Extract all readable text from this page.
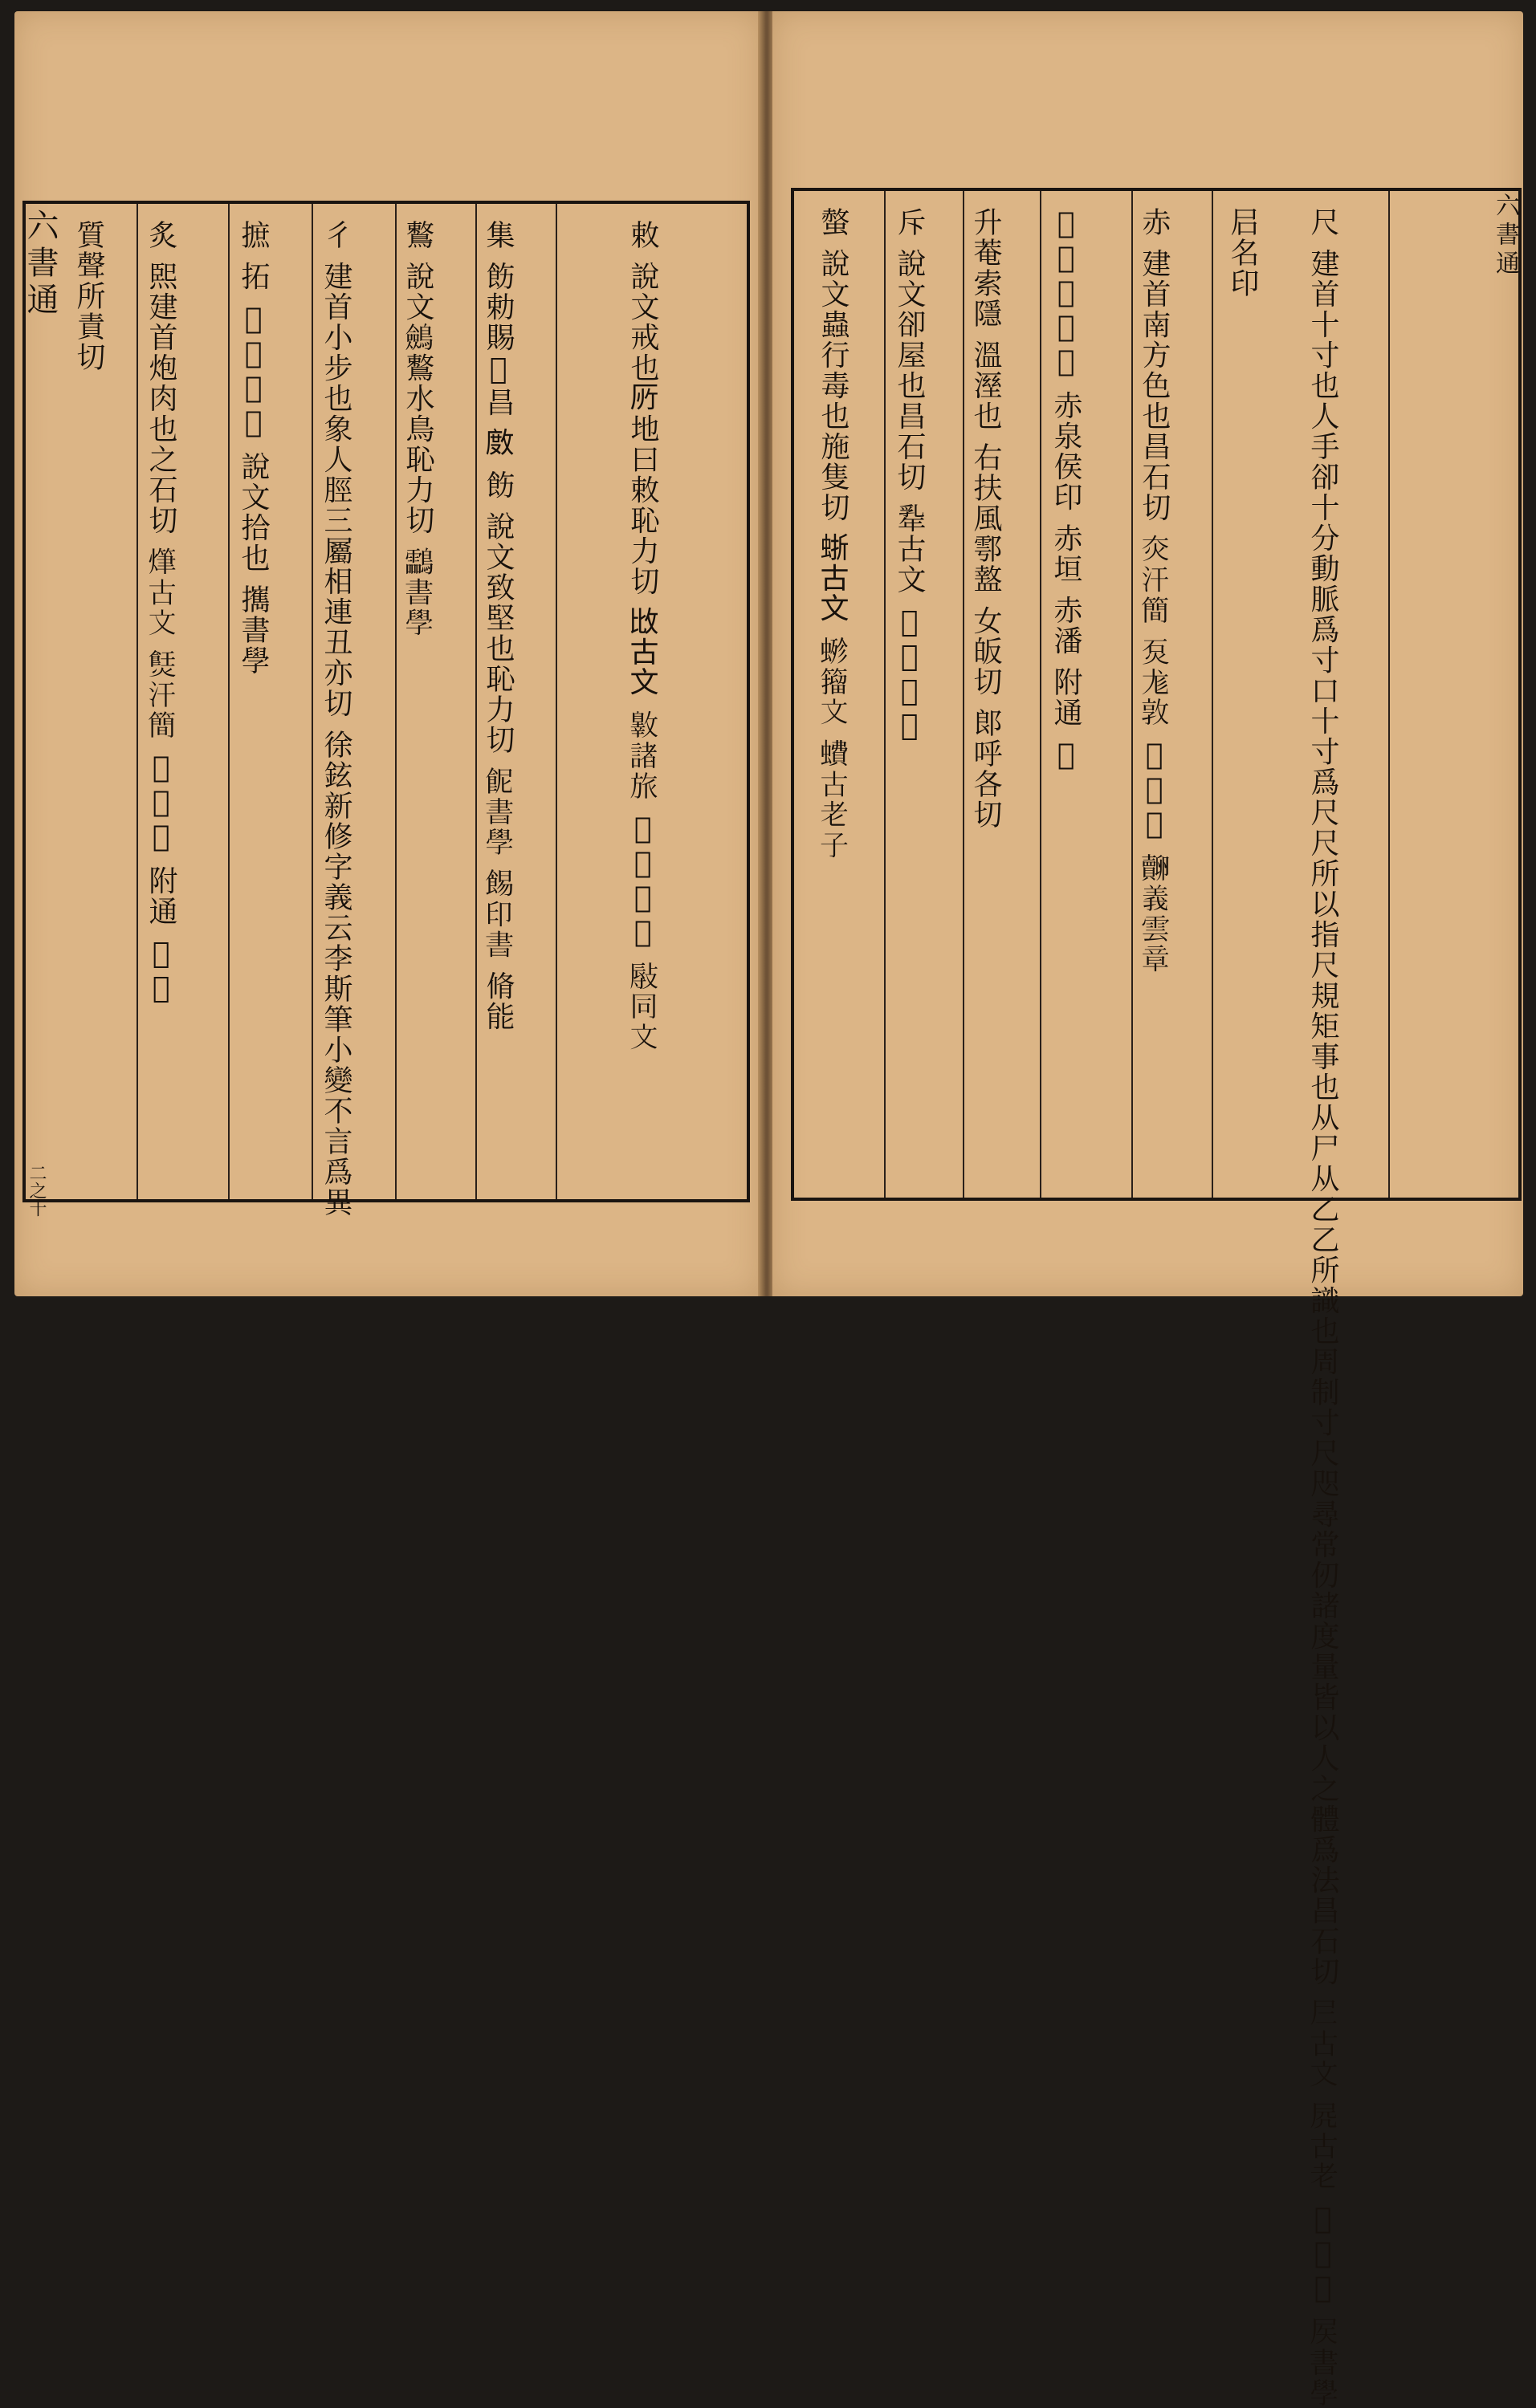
質聲所責切 炙 𤋮建首炮肉也之石切 𤏫古文 𤏼汗簡 𤍴奇字 附通 𥘈石 摭 拓 𢿽之石切 說文拾也 𢹂書學 彳 建首小步也象人脛三屬相連丑亦切 徐鉉新修字義云李斯筆小變不言爲異 鷘 說文𪇇鷘水鳥恥力切 𪈝書學 集 飭勅賜𣀌昌 𢾅 飭 說文致堅也恥力切 𩚯書學 𩛿印書 脩能	敕 說文戒也𠩄地曰敕恥力切 𢻹古文 𣀐諸旅 𢼂碑雲臺 𢾯同文
六書通
二之十
螫 說文蟲行毒也施隻切 𧋍古文 𧍿籀文 𧑈古老子 斥 說文卻屋也昌石切 𢆡古文 𢆢古尚書 升菴索隱 溫溼也 右扶風鄠盩 女皈切 郞呼各切 𤆓古文奇字 赤泉侯印 赤垣 赤潘 附通 𣅵 赤 建首南方色也昌石切 𤆍汗簡 𤇈尨敦 𤉱寅簋 𧸷義雲章 𡰪名印 尺 建首十寸也人手卻十分動脈爲寸口十寸爲尺尺所以指尺規矩事也从尸从乙乙所識也周制寸尺咫尋常仞諸度量皆以人之體爲法昌石切 𡰥古文 𡱂古老 𡰵楊桓 𡱁書學	六書通
